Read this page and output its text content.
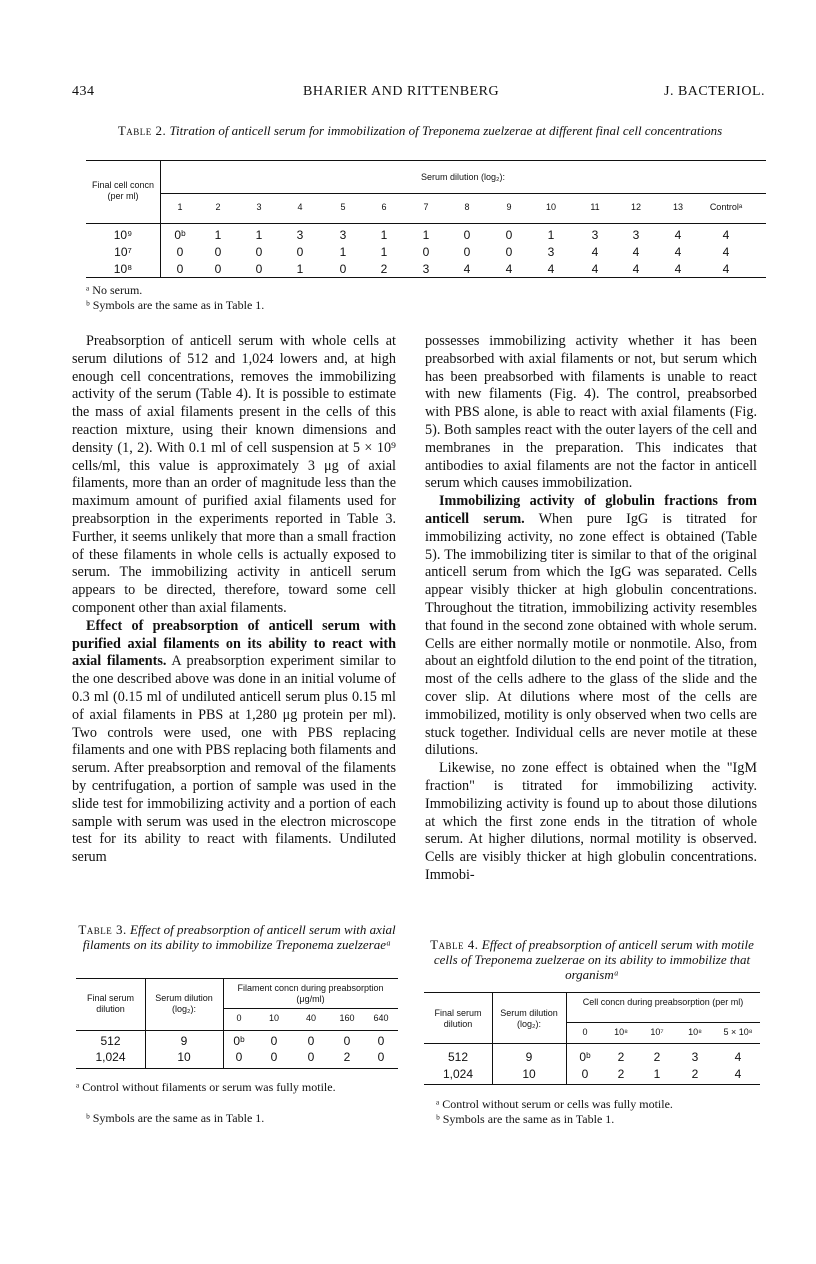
434	BHARIER AND RITTENBERG	J. BACTERIOL.
Table 2. Titration of anticell serum for immobilization of Treponema zuelzerae at different final cell concentrations
Final cell concn (per ml)
Serum dilution (log₂):
1	2	3	4	5	6	7	8	9	10	11	12	13	Controlᵃ
10⁹	0ᵇ	1	1	3	3	1	1	0	0	1	3	3	4	4
10⁷	0	0	0	0	1	1	0	0	0	3	4	4	4	4
10⁸	0	0	0	1	0	2	3	4	4	4	4	4	4	4
ᵃ No serum.
ᵇ Symbols are the same as in Table 1.

Preabsorption of anticell serum with whole cells at serum dilutions of 512 and 1,024 lowers and, at high enough cell concentrations, removes the immobilizing activity of the serum (Table 4). It is possible to estimate the mass of axial filaments present in the cells of this reaction mixture, using their known dimensions and density (1, 2). With 0.1 ml of cell suspension at 5 × 10⁹ cells/ml, this value is approximately 3 μg of axial filaments, more than an order of magnitude less than the maximum amount of purified axial filaments used for preabsorption in the experiments reported in Table 3. Further, it seems unlikely that more than a small fraction of these filaments in whole cells is actually exposed to serum. The immobilizing activity in anticell serum appears to be directed, therefore, toward some cell component other than axial filaments.

Effect of preabsorption of anticell serum with purified axial filaments on its ability to react with axial filaments. A preabsorption experiment similar to the one described above was done in an initial volume of 0.3 ml (0.15 ml of undiluted anticell serum plus 0.15 ml of axial filaments in PBS at 1,280 μg protein per ml). Two controls were used, one with PBS replacing filaments and one with PBS replacing both filaments and serum. After preabsorption and removal of the filaments by centrifugation, a portion of sample was used in the slide test for immobilizing activity and a portion of each sample with serum was used in the electron microscope test for its ability to react with filaments. Undiluted serum

possesses immobilizing activity whether it has been preabsorbed with axial filaments or not, but serum which has been preabsorbed with filaments is unable to react with new filaments (Fig. 4). The control, preabsorbed with PBS alone, is able to react with axial filaments (Fig. 5). Both samples react with the outer layers of the cell and membranes in the preparation. This indicates that antibodies to axial filaments are not the factor in anticell serum which causes immobilization.

Immobilizing activity of globulin fractions from anticell serum. When pure IgG is titrated for immobilizing activity, no zone effect is obtained (Table 5). The immobilizing titer is similar to that of the original anticell serum from which the IgG was separated. Cells appear visibly thicker at high globulin concentrations. Throughout the titration, immobilizing activity resembles that found in the second zone obtained with whole serum. Cells are either normally motile or nonmotile. Also, from about an eightfold dilution to the end point of the titration, most of the cells adhere to the glass of the slide and the cover slip. At dilutions where most of the cells are immobilized, motility is only observed when two cells are stuck together. Individual cells are never motile at these dilutions.

Likewise, no zone effect is obtained when the "IgM fraction" is titrated for immobilizing activity. Immobilizing activity is found up to about those dilutions at which the first zone ends in the titration of whole serum. At higher dilutions, normal motility is observed. Cells are visibly thicker at high globulin concentrations. Immobi-

Table 3. Effect of preabsorption of anticell serum with axial filaments on its ability to immobilize Treponema zuelzeraeᵃ
Final serum dilution
Serum dilution (log₂):
Filament concn during preabsorption (μg/ml)
0	10	40	160	640
512	9	0ᵇ	0	0	0	0
1,024	10	0	0	0	2	0
ᵃ Control without filaments or serum was fully motile.
ᵇ Symbols are the same as in Table 1.
Table 4. Effect of preabsorption of anticell serum with motile cells of Treponema zuelzerae on its ability to immobilize that organismᵃ
Final serum dilution
Serum dilution (log₂):
Cell concn during preabsorption (per ml)
0	10⁸	10⁷	10⁸	5 × 10⁸
512	9	0ᵇ	2	2	3	4
1,024	10	0	2	1	2	4
ᵃ Control without serum or cells was fully motile.
ᵇ Symbols are the same as in Table 1.
